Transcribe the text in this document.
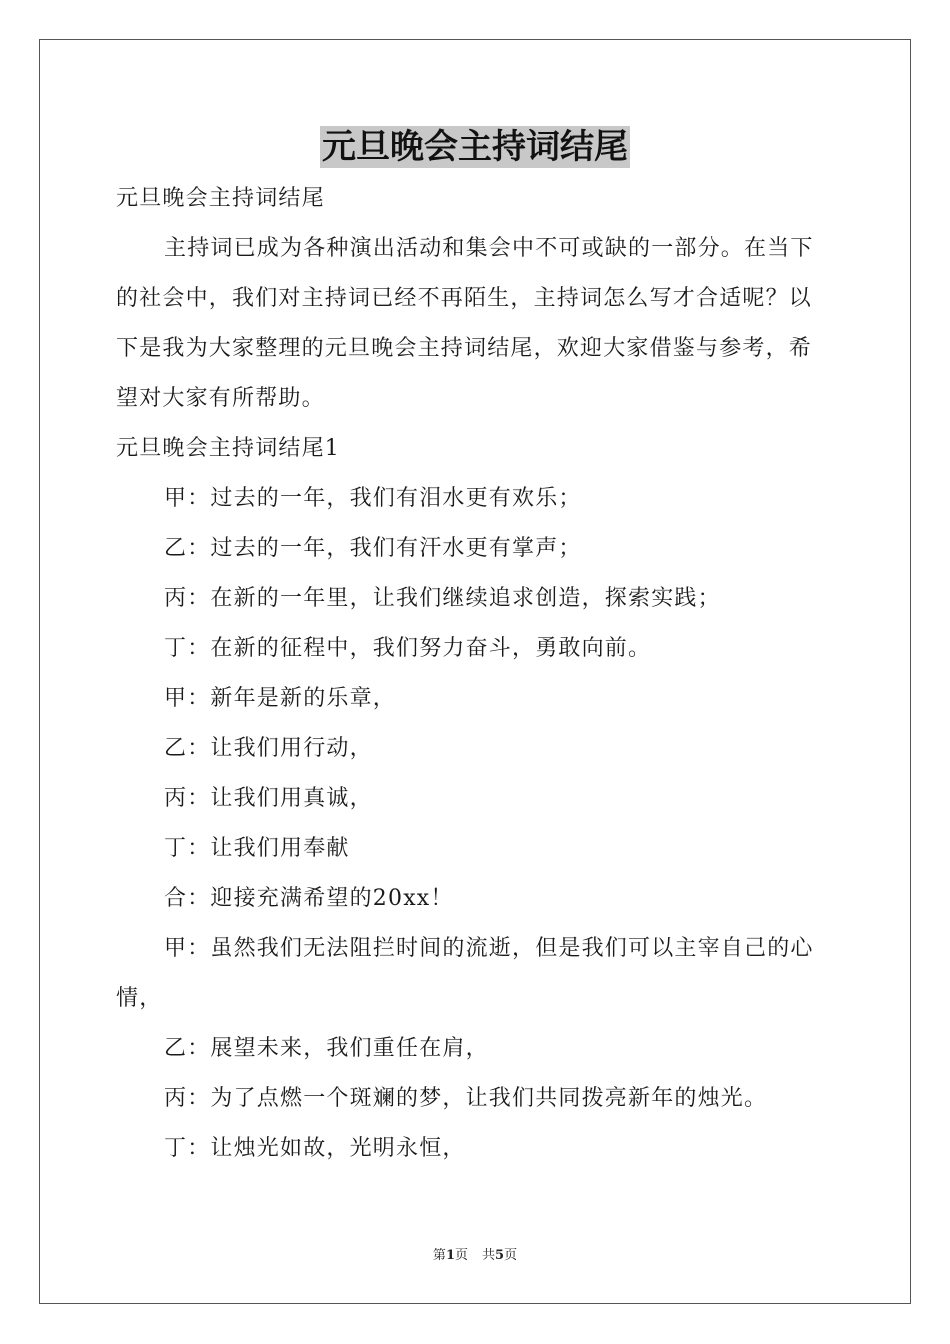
元旦晚会主持词结尾

元旦晚会主持词结尾

主持词已成为各种演出活动和集会中不可或缺的一部分。在当下的社会中，我们对主持词已经不再陌生，主持词怎么写才合适呢？以下是我为大家整理的元旦晚会主持词结尾，欢迎大家借鉴与参考，希望对大家有所帮助。

元旦晚会主持词结尾1

甲：过去的一年，我们有泪水更有欢乐；

乙：过去的一年，我们有汗水更有掌声；

丙：在新的一年里，让我们继续追求创造，探索实践；

丁：在新的征程中，我们努力奋斗，勇敢向前。

甲：新年是新的乐章，

乙：让我们用行动，

丙：让我们用真诚，

丁：让我们用奉献

合：迎接充满希望的20xx！

甲：虽然我们无法阻拦时间的流逝，但是我们可以主宰自己的心情，

乙：展望未来，我们重任在肩，

丙：为了点燃一个斑斓的梦，让我们共同拨亮新年的烛光。

丁：让烛光如故，光明永恒，

第1页 共5页
